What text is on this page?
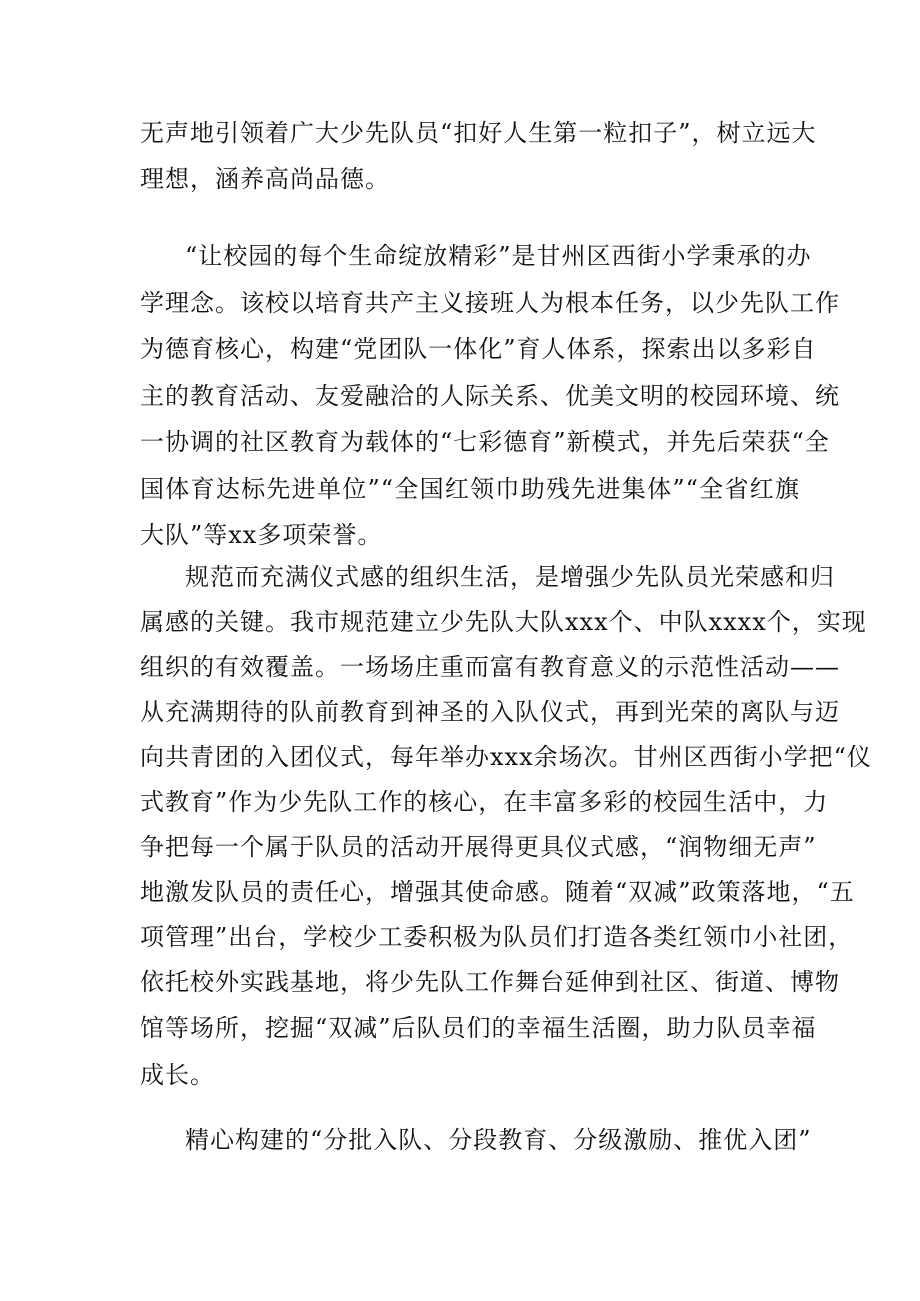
无声地引领着广大少先队员“扣好人生第一粒扣子”，树立远大
理想，涵养高尚品德。
“让校园的每个生命绽放精彩”是甘州区西街小学秉承的办
学理念。该校以培育共产主义接班人为根本任务，以少先队工作
为德育核心，构建“党团队一体化”育人体系，探索出以多彩自
主的教育活动、友爱融洽的人际关系、优美文明的校园环境、统
一协调的社区教育为载体的“七彩德育”新模式，并先后荣获“全
国体育达标先进单位”“全国红领巾助残先进集体”“全省红旗
大队”等xx多项荣誉。
规范而充满仪式感的组织生活，是增强少先队员光荣感和归
属感的关键。我市规范建立少先队大队xxx个、中队xxxx个，实现
组织的有效覆盖。一场场庄重而富有教育意义的示范性活动——
从充满期待的队前教育到神圣的入队仪式，再到光荣的离队与迈
向共青团的入团仪式，每年举办xxx余场次。甘州区西街小学把“仪
式教育”作为少先队工作的核心，在丰富多彩的校园生活中，力
争把每一个属于队员的活动开展得更具仪式感，“润物细无声”
地激发队员的责任心，增强其使命感。随着“双减”政策落地，“五
项管理”出台，学校少工委积极为队员们打造各类红领巾小社团，
依托校外实践基地，将少先队工作舞台延伸到社区、街道、博物
馆等场所，挖掘“双减”后队员们的幸福生活圈，助力队员幸福
成长。
精心构建的“分批入队、分段教育、分级激励、推优入团”
